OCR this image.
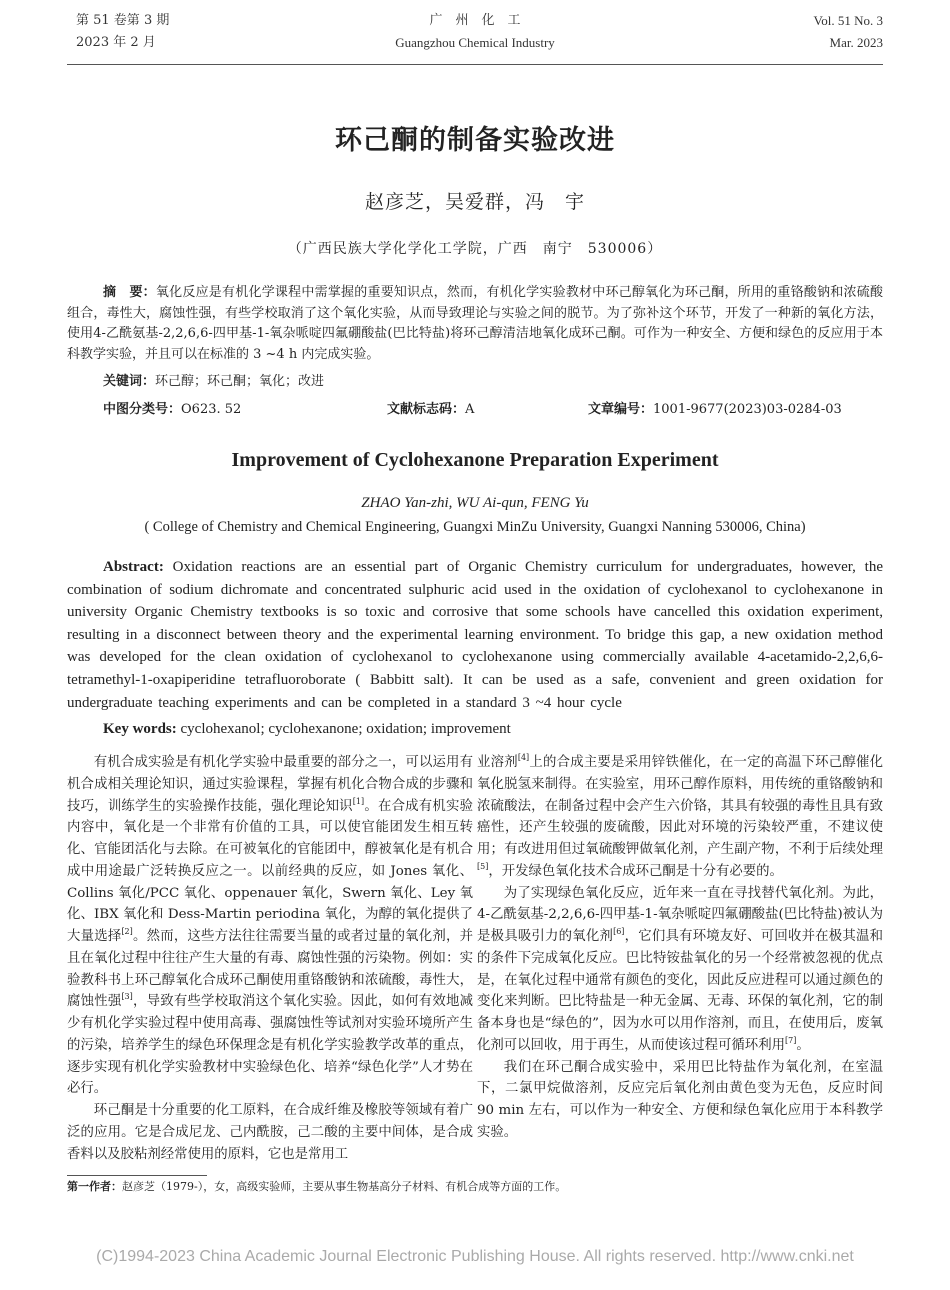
第 51 卷第 3 期
2023 年 2 月
广　州　化　工
Guangzhou Chemical Industry
Vol. 51 No. 3
Mar. 2023
环己酮的制备实验改进
赵彦芝，吴爱群，冯　宇
（广西民族大学化学化工学院，广西　南宁　530006）
摘　要：氧化反应是有机化学课程中需掌握的重要知识点，然而，有机化学实验教材中环己醇氧化为环己酮，所用的重铬酸钠和浓硫酸组合，毒性大，腐蚀性强，有些学校取消了这个氧化实验，从而导致理论与实验之间的脱节。为了弥补这个环节，开发了一种新的氧化方法，使用4-乙酰氨基-2,2,6,6-四甲基-1-氧杂哌啶四氟硼酸盐(巴比特盐)将环己醇清洁地氧化成环己酮。可作为一种安全、方便和绿色的反应用于本科教学实验，并且可以在标准的 3 ~4 h 内完成实验。
关键词：环己醇；环己酮；氧化；改进
中图分类号：O623. 52	文献标志码：A	文章编号：1001-9677(2023)03-0284-03
Improvement of Cyclohexanone Preparation Experiment
ZHAO Yan-zhi, WU Ai-qun, FENG Yu
( College of Chemistry and Chemical Engineering, Guangxi MinZu University, Guangxi Nanning 530006, China)
Abstract: Oxidation reactions are an essential part of Organic Chemistry curriculum for undergraduates, however, the combination of sodium dichromate and concentrated sulphuric acid used in the oxidation of cyclohexanol to cyclohexanone in university Organic Chemistry textbooks is so toxic and corrosive that some schools have cancelled this oxidation experiment, resulting in a disconnect between theory and the experimental learning environment. To bridge this gap, a new oxidation method was developed for the clean oxidation of cyclohexanol to cyclohexanone using commercially available 4-acetamido-2,2,6,6-tetramethyl-1-oxapiperidine tetrafluoroborate ( Babbitt salt). It can be used as a safe, convenient and green oxidation for undergraduate teaching experiments and can be completed in a standard 3 ~4 hour cycle
Key words: cyclohexanol; cyclohexanone; oxidation; improvement

有机合成实验是有机化学实验中最重要的部分之一，可以运用有机合成相关理论知识，通过实验课程，掌握有机化合物合成的步骤和技巧，训练学生的实验操作技能，强化理论知识[1]。在合成有机实验内容中，氧化是一个非常有价值的工具，可以使官能团发生相互转化、官能团活化与去除。在可被氧化的官能团中，醇被氧化是有机合成中用途最广泛转换反应之一。以前经典的反应，如 Jones 氧化、Collins 氧化/PCC 氧化、oppenauer 氧化，Swern 氧化、Ley 氧化、IBX 氧化和 Dess-Martin periodina 氧化，为醇的氧化提供了大量选择[2]。然而，这些方法往往需要当量的或者过量的氧化剂，并且在氧化过程中往往产生大量的有毒、腐蚀性强的污染物。例如：实验教科书上环己醇氧化合成环己酮使用重铬酸钠和浓硫酸，毒性大，腐蚀性强[3]，导致有些学校取消这个氧化实验。因此，如何有效地减少有机化学实验过程中使用高毒、强腐蚀性等试剂对实验环境所产生的污染，培养学生的绿色环保理念是有机化学实验教学改革的重点，逐步实现有机化学实验教材中实验绿色化、培养“绿色化学”人才势在必行。

环己酮是十分重要的化工原料，在合成纤维及橡胶等领域有着广泛的应用。它是合成尼龙、己内酰胺，己二酸的主要中间体，是合成香料以及胶粘剂经常使用的原料，它也是常用工

业溶剂[4]上的合成主要是采用锌铁催化，在一定的高温下环己醇催化氧化脱氢来制得。在实验室，用环己醇作原料，用传统的重铬酸钠和浓硫酸法，在制备过程中会产生六价铬，其具有较强的毒性且具有致癌性，还产生较强的废硫酸，因此对环境的污染较严重，不建议使用；有改进用但过氧硫酸钾做氧化剂，产生副产物，不利于后续处理[5]，开发绿色氧化技术合成环己酮是十分有必要的。

为了实现绿色氧化反应，近年来一直在寻找替代氧化剂。为此，4-乙酰氨基-2,2,6,6-四甲基-1-氧杂哌啶四氟硼酸盐(巴比特盐)被认为是极具吸引力的氧化剂[6]，它们具有环境友好、可回收并在极其温和的条件下完成氧化反应。巴比特铵盐氧化的另一个经常被忽视的优点是，在氧化过程中通常有颜色的变化，因此反应进程可以通过颜色的变化来判断。巴比特盐是一种无金属、无毒、环保的氧化剂，它的制备本身也是“绿色的”，因为水可以用作溶剂，而且，在使用后，废氧化剂可以回收，用于再生，从而使该过程可循环利用[7]。

我们在环己酮合成实验中，采用巴比特盐作为氧化剂，在室温下，二氯甲烷做溶剂，反应完后氧化剂由黄色变为无色，反应时间 90 min 左右，可以作为一种安全、方便和绿色氧化应用于本科教学实验。

第一作者：赵彦芝（1979-），女，高级实验师，主要从事生物基高分子材料、有机合成等方面的工作。
(C)1994-2023 China Academic Journal Electronic Publishing House. All rights reserved. http://www.cnki.net
